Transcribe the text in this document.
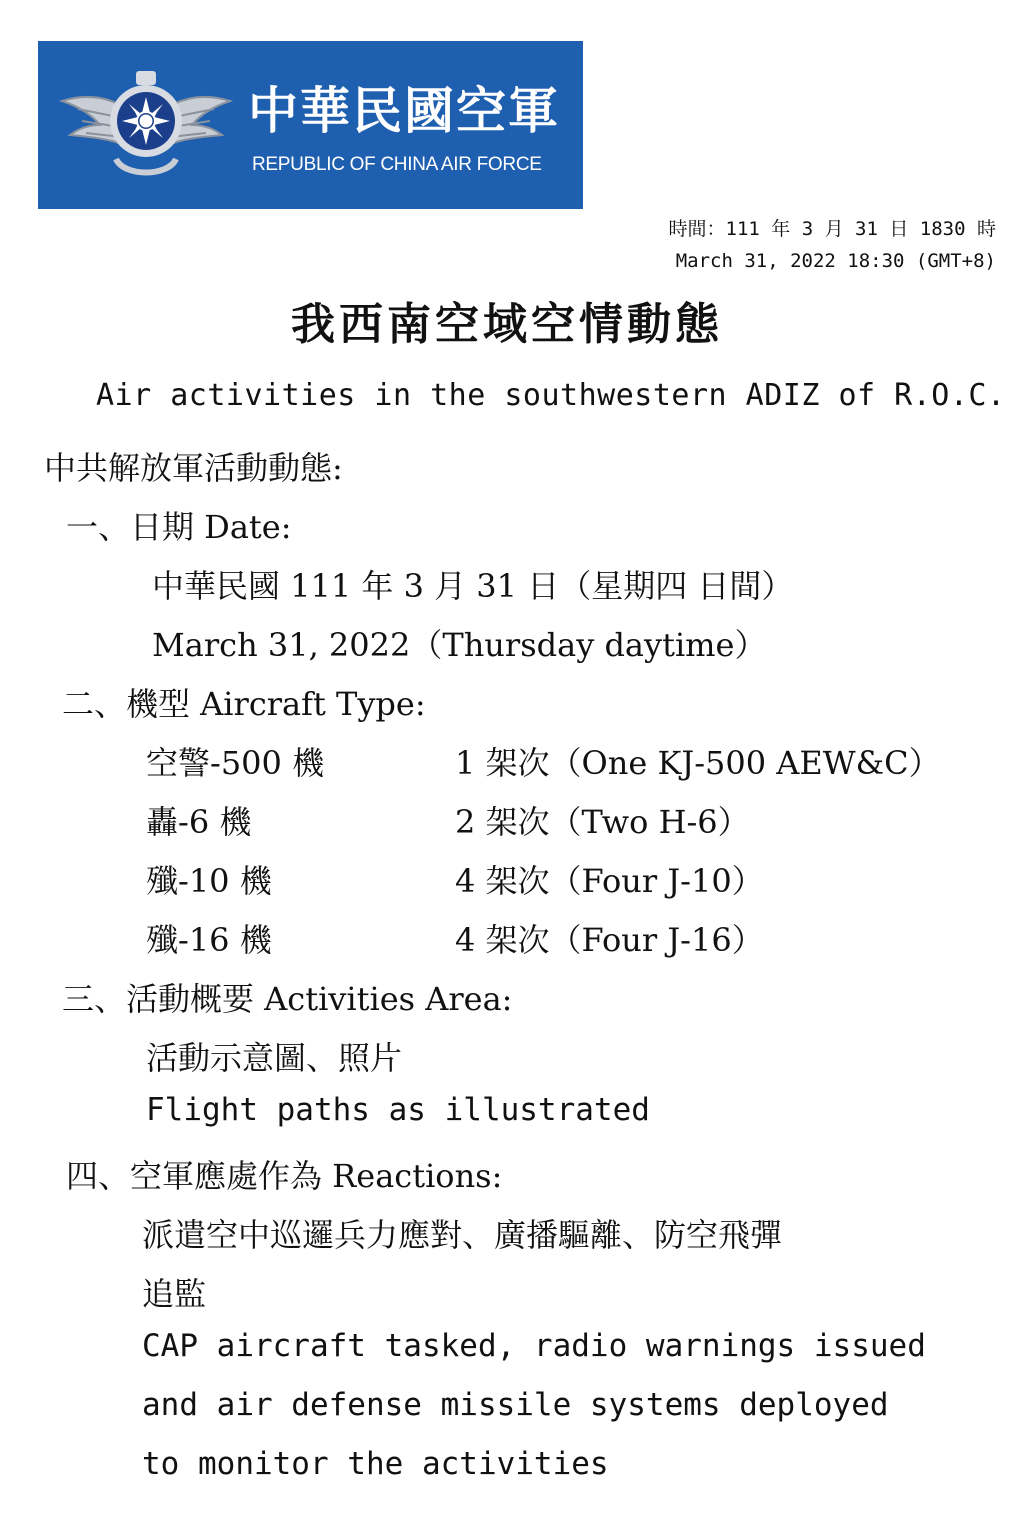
中華民國空軍
REPUBLIC OF CHINA AIR FORCE
時間：111 年 3 月 31 日 1830 時
March 31, 2022 18:30 (GMT+8)
我西南空域空情動態
Air activities in the southwestern ADIZ of R.O.C.
中共解放軍活動動態:
一、日期 Date:
中華民國 111 年 3 月 31 日（星期四 日間）
March 31, 2022（Thursday daytime）
二、機型 Aircraft Type:
空警-500 機	1 架次（One KJ-500 AEW&C）
轟-6 機	2 架次（Two H-6）
殲-10 機	4 架次（Four J-10）
殲-16 機	4 架次（Four J-16）
三、活動概要 Activities Area:
活動示意圖、照片
Flight paths as illustrated
四、空軍應處作為 Reactions:
派遣空中巡邏兵力應對、廣播驅離、防空飛彈
追監
CAP aircraft tasked, radio warnings issued
and air defense missile systems deployed
to monitor the activities
